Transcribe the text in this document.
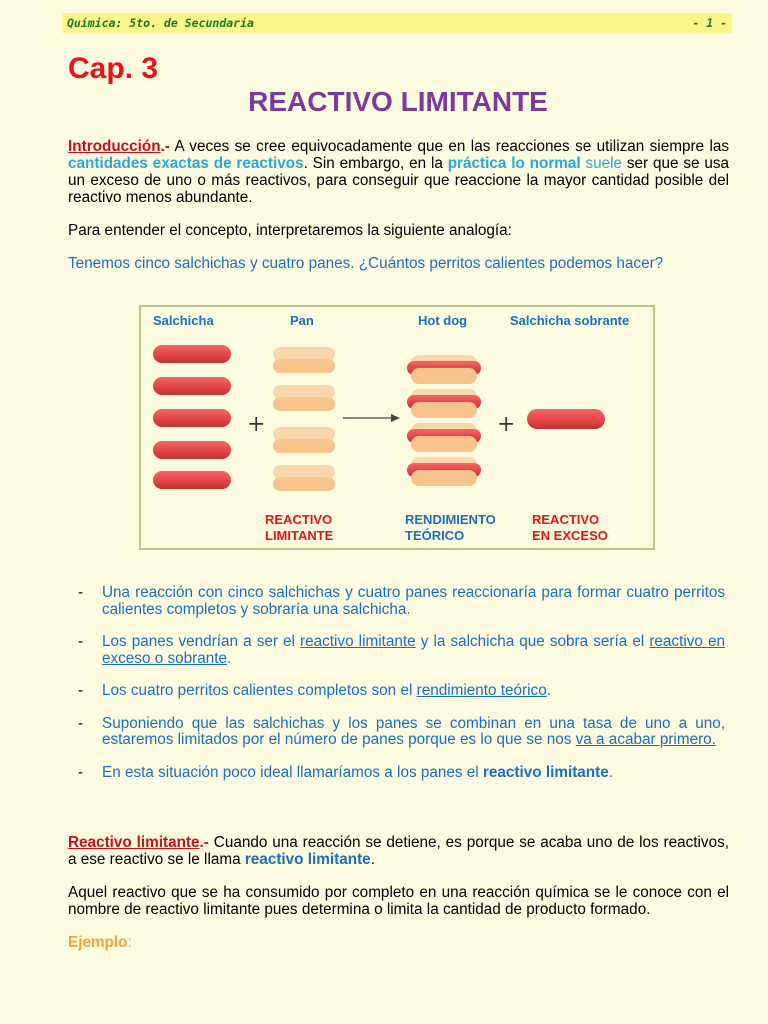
Química: 5to. de Secundaria	- 1 -
Cap. 3
REACTIVO LIMITANTE
Introducción.- A veces se cree equivocadamente que en las reacciones se utilizan siempre las cantidades exactas de reactivos. Sin embargo, en la práctica lo normal suele ser que se usa un exceso de uno o más reactivos, para conseguir que reaccione la mayor cantidad posible del reactivo menos abundante.
Para entender el concepto, interpretaremos la siguiente analogía:
Tenemos cinco salchichas y cuatro panes. ¿Cuántos perritos calientes podemos hacer?
Salchicha	Pan	Hot dog	Salchicha sobrante
+	+
REACTIVO
LIMITANTE
RENDIMIENTO
TEÓRICO
REACTIVO
EN EXCESO
- Una reacción con cinco salchichas y cuatro panes reaccionaría para formar cuatro perritos calientes completos y sobraría una salchicha.
- Los panes vendrían a ser el reactivo limitante y la salchicha que sobra sería el reactivo en exceso o sobrante.
- Los cuatro perritos calientes completos son el rendimiento teórico.
- Suponiendo que las salchichas y los panes se combinan en una tasa de uno a uno, estaremos limitados por el número de panes porque es lo que se nos va a acabar primero.
- En esta situación poco ideal llamaríamos a los panes el reactivo limitante.
Reactivo limitante.- Cuando una reacción se detiene, es porque se acaba uno de los reactivos, a ese reactivo se le llama reactivo limitante.
Aquel reactivo que se ha consumido por completo en una reacción química se le conoce con el nombre de reactivo limitante pues determina o limita la cantidad de producto formado.
Ejemplo:
